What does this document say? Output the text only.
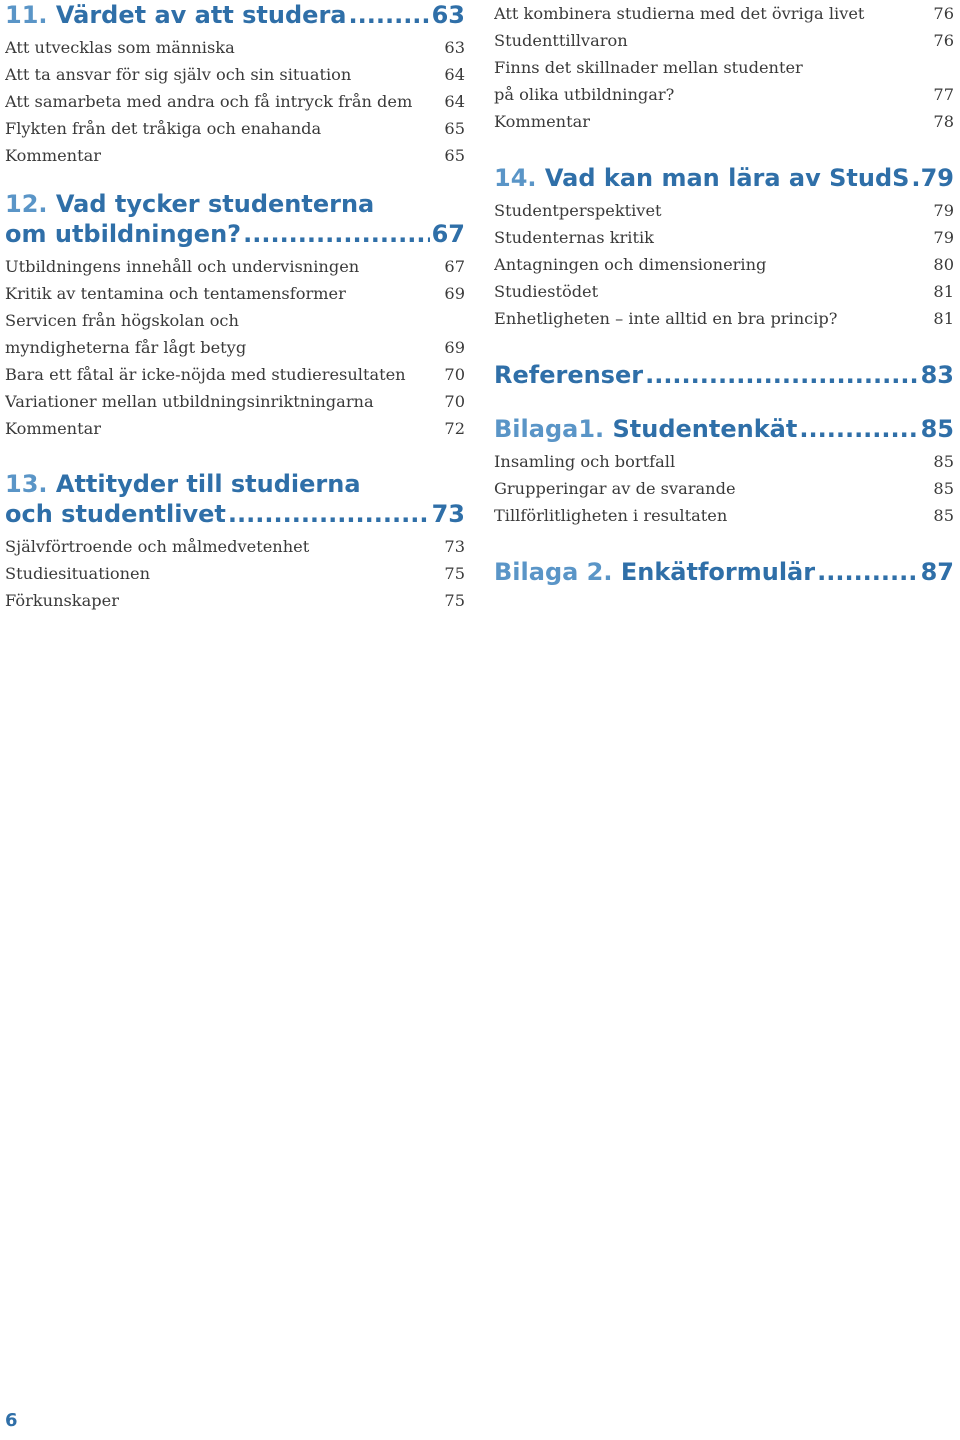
11.
Värdet av att studera .....	63
Att utvecklas som människa	63
Att ta ansvar för sig själv och sin situation	64
Att samarbeta med andra och få intryck från dem	64
Flykten från det tråkiga och enahanda	65
Kommentar	65
12. Vad tycker studenterna
om utbildningen? .....	67
Utbildningens innehåll och undervisningen	67
Kritik av tentamina och tentamensformer	69
Servicen från högskolan och
myndigheterna får lågt betyg	69
Bara ett fåtal är icke-nöjda med studieresultaten	70
Variationer mellan utbildningsinriktningarna	70
Kommentar	72
13. Attityder till studierna
och studentlivet .....	73
Självförtroende och målmedvetenhet	73
Studiesituationen	75
Förkunskaper	75
Att kombinera studierna med det övriga livet	76
Studenttillvaron	76
Finns det skillnader mellan studenter
på olika utbildningar?	77
Kommentar	78
14.
Vad kan man lära av StudS ..... 79
Studentperspektivet	79
Studenternas kritik	79
Antagningen och dimensionering	80
Studiestödet	81
Enhetligheten – inte alltid en bra princip?	81
Referenser .....	83
Bilaga1.
Studentenkät .....	85
Insamling och bortfall	85
Grupperingar av de svarande	85
Tillförlitligheten i resultaten	85
Bilaga 2.
Enkätformulär .....	87
6
